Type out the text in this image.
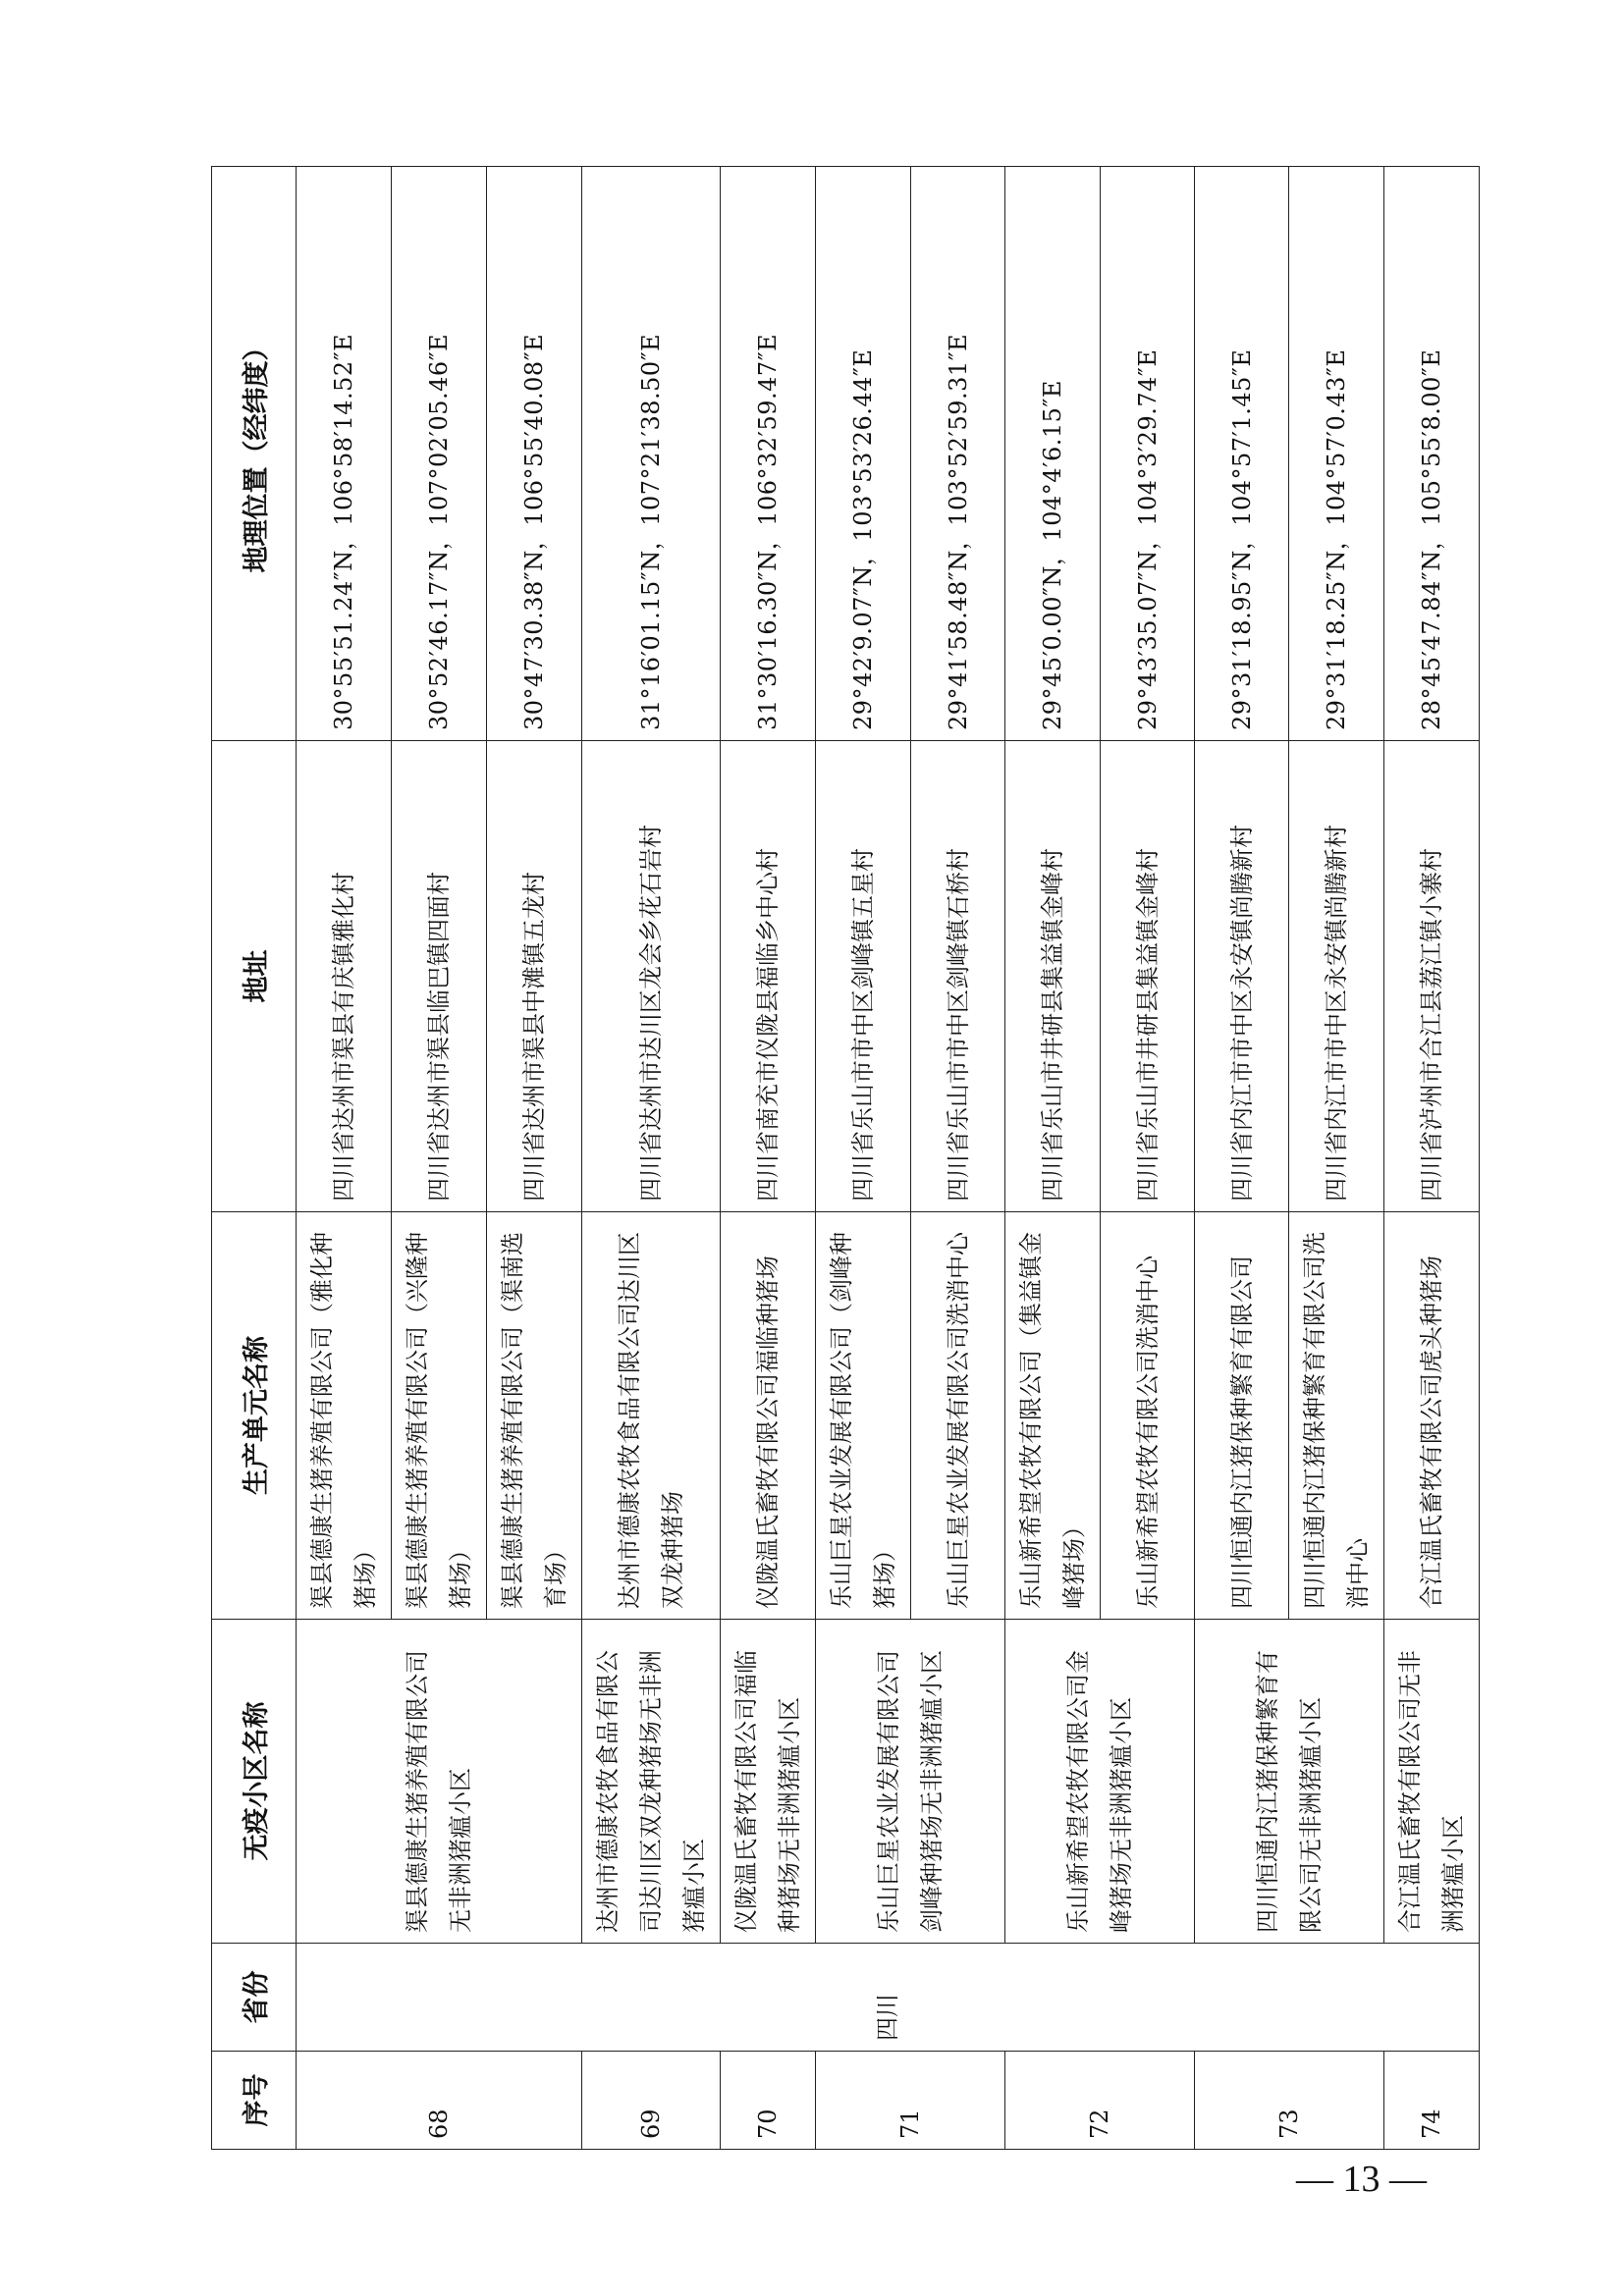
序号	省份	无疫小区名称	生产单元名称	地址	地理位置（经纬度）
68	四川	渠县德康生猪养殖有限公司无非洲猪瘟小区	渠县德康生猪养殖有限公司（雅化种猪场）	四川省达州市渠县有庆镇雅化村	30°55′51.24″N，106°58′14.52″E
			渠县德康生猪养殖有限公司（兴隆种猪场）	四川省达州市渠县临巴镇四面村	30°52′46.17″N，107°02′05.46″E
			渠县德康生猪养殖有限公司（渠南选育场）	四川省达州市渠县中滩镇五龙村	30°47′30.38″N，106°55′40.08″E
69		达州市德康农牧食品有限公司达川区双龙种猪场无非洲猪瘟小区	达州市德康农牧食品有限公司达川区双龙种猪场	四川省达州市达川区龙会乡花石岩村	31°16′01.15″N，107°21′38.50″E
70		仪陇温氏畜牧有限公司福临种猪场无非洲猪瘟小区	仪陇温氏畜牧有限公司福临种猪场	四川省南充市仪陇县福临乡中心村	31°30′16.30″N，106°32′59.47″E
71		乐山巨星农业发展有限公司剑峰种猪场无非洲猪瘟小区	乐山巨星农业发展有限公司（剑峰种猪场）	四川省乐山市市中区剑峰镇五星村	29°42′9.07″N，103°53′26.44″E
			乐山巨星农业发展有限公司洗消中心	四川省乐山市市中区剑峰镇石桥村	29°41′58.48″N，103°52′59.31″E
72		乐山新希望农牧有限公司金峰猪场无非洲猪瘟小区	乐山新希望农牧有限公司（集益镇金峰猪场）	四川省乐山市井研县集益镇金峰村	29°45′0.00″N，104°4′6.15″E
			乐山新希望农牧有限公司洗消中心	四川省乐山市井研县集益镇金峰村	29°43′35.07″N，104°3′29.74″E
73		四川恒通内江猪保种繁育有限公司无非洲猪瘟小区	四川恒通内江猪保种繁育有限公司	四川省内江市市中区永安镇尚腾新村	29°31′18.95″N，104°57′1.45″E
			四川恒通内江猪保种繁育有限公司洗消中心	四川省内江市市中区永安镇尚腾新村	29°31′18.25″N，104°57′0.43″E
74		合江温氏畜牧有限公司无非洲猪瘟小区	合江温氏畜牧有限公司虎头种猪场	四川省泸州市合江县荔江镇小寨村	28°45′47.84″N，105°55′8.00″E
— 13 —
